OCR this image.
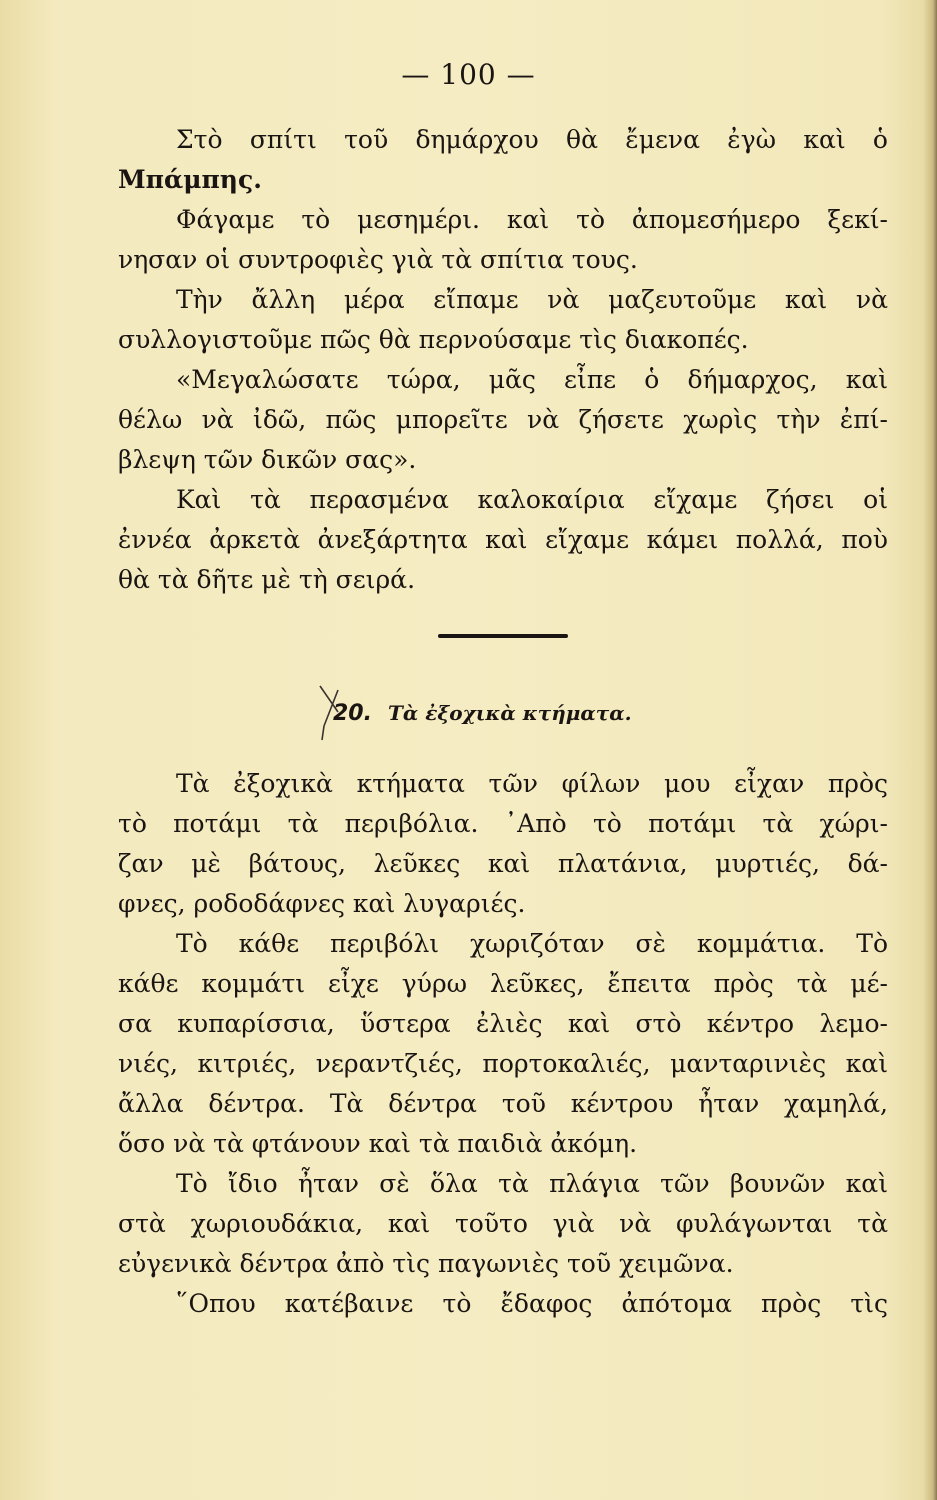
— 100 —
Στὸ σπίτι τοῦ δημάρχου θὰ ἔμενα ἐγὼ καὶ ὁ
Μπάμπης.
Φάγαμε τὸ μεσημέρι. καὶ τὸ ἀπομεσήμερο ξεκί-
νησαν οἱ συντροφιὲς γιὰ τὰ σπίτια τους.
Τὴν ἄλλη μέρα εἴπαμε νὰ μαζευτοῦμε καὶ νὰ
συλλογιστοῦμε πῶς θὰ περνούσαμε τὶς διακοπές.
«Μεγαλώσατε τώρα, μᾶς εἶπε ὁ δήμαρχος, καὶ
θέλω νὰ ἰδῶ, πῶς μπορεῖτε νὰ ζήσετε χωρὶς τὴν ἐπί-
βλεψη τῶν δικῶν σας».
Καὶ τὰ περασμένα καλοκαίρια εἴχαμε ζήσει οἱ
ἐννέα ἀρκετὰ ἀνεξάρτητα καὶ εἴχαμε κάμει πολλά, ποὺ
θὰ τὰ δῆτε μὲ τὴ σειρά.
20. Τὰ ἐξοχικὰ κτήματα.
Τὰ ἐξοχικὰ κτήματα τῶν φίλων μου εἶχαν πρὸς
τὸ ποτάμι τὰ περιβόλια. ᾿Απὸ τὸ ποτάμι τὰ χώρι-
ζαν μὲ βάτους, λεῦκες καὶ πλατάνια, μυρτιές, δά-
φνες, ροδοδάφνες καὶ λυγαριές.
Τὸ κάθε περιβόλι χωριζόταν σὲ κομμάτια. Τὸ
κάθε κομμάτι εἶχε γύρω λεῦκες, ἔπειτα πρὸς τὰ μέ-
σα κυπαρίσσια, ὕστερα ἐλιὲς καὶ στὸ κέντρο λεμο-
νιές, κιτριές, νεραντζιές, πορτοκαλιές, μανταρινιὲς καὶ
ἄλλα δέντρα. Τὰ δέντρα τοῦ κέντρου ἦταν χαμηλά,
ὅσο νὰ τὰ φτάνουν καὶ τὰ παιδιὰ ἀκόμη.
Τὸ ἴδιο ἦταν σὲ ὅλα τὰ πλάγια τῶν βουνῶν καὶ
στὰ χωριουδάκια, καὶ τοῦτο γιὰ νὰ φυλάγωνται τὰ
εὐγενικὰ δέντρα ἀπὸ τὶς παγωνιὲς τοῦ χειμῶνα.
῞Οπου κατέβαινε τὸ ἔδαφος ἀπότομα πρὸς τὶς
